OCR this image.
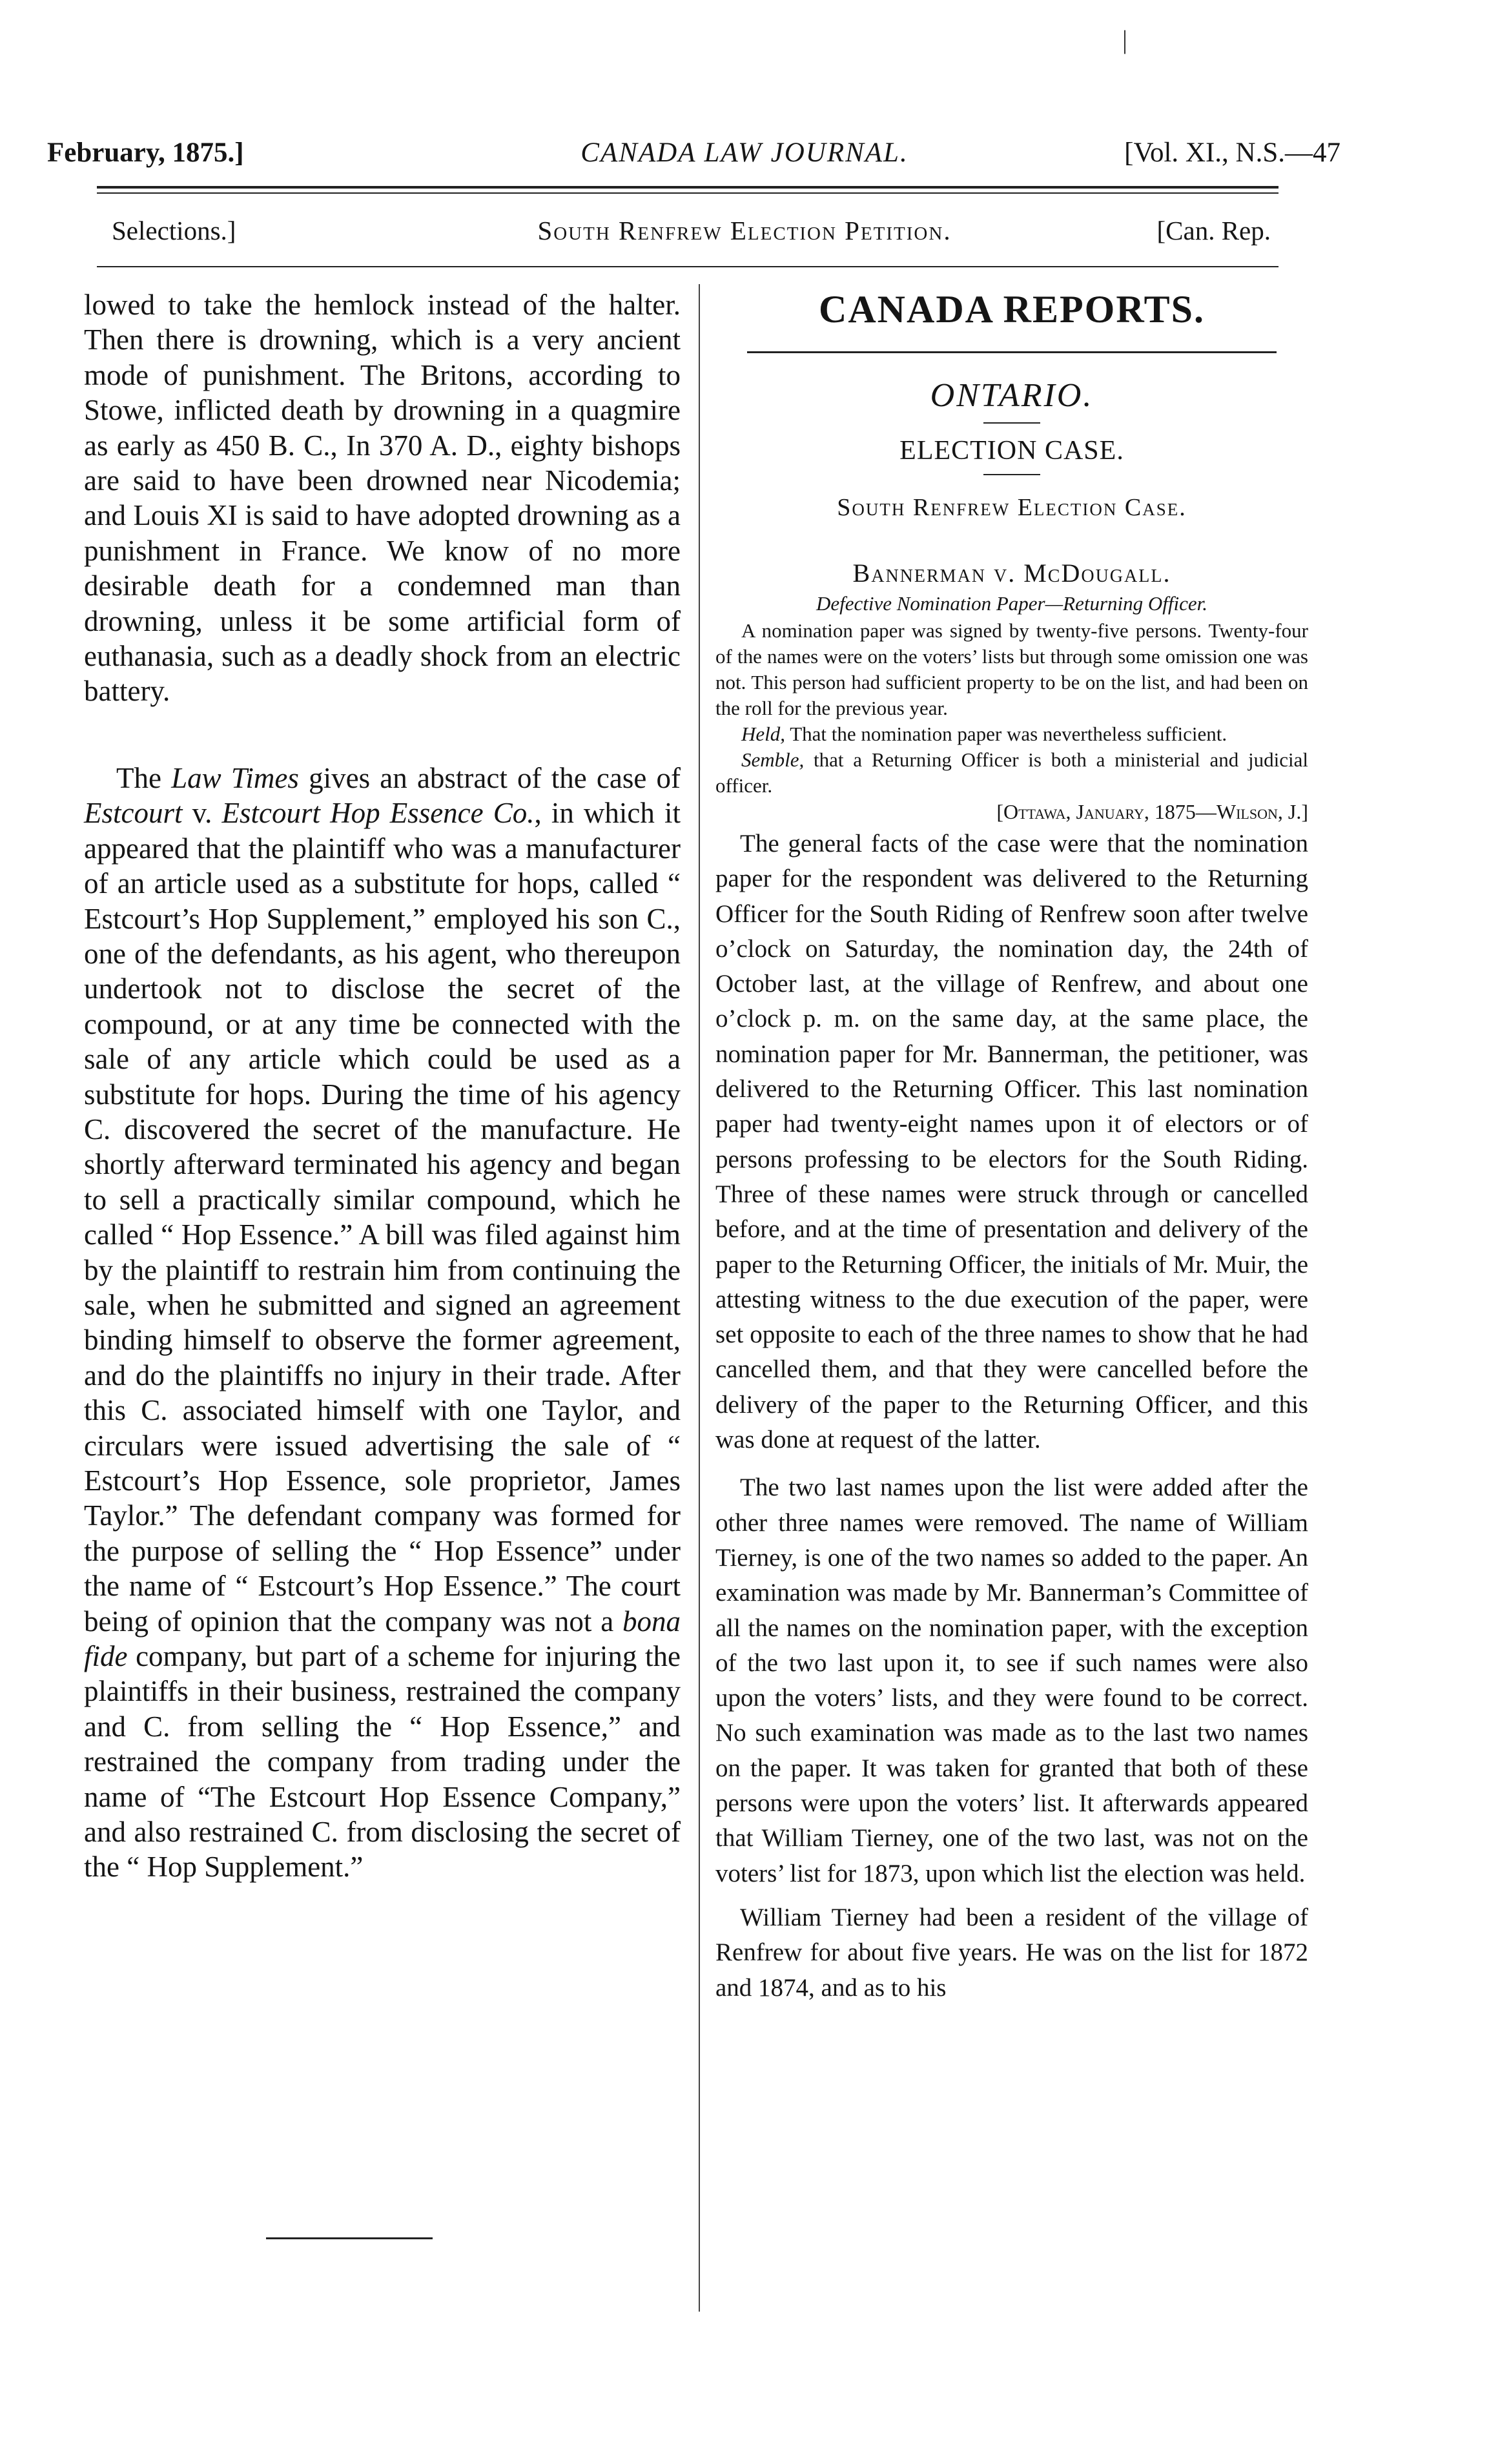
|
February, 1875.]	CANADA LAW JOURNAL.	[Vol. XI., N.S.—47
Selections.]	South Renfrew Election Petition.	[Can. Rep.

lowed to take the hemlock instead of the halter. Then there is drowning, which is a very ancient mode of punishment. The Britons, according to Stowe, inflicted death by drowning in a quagmire as early as 450 B. C., In 370 A. D., eighty bishops are said to have been drowned near Nicodemia; and Louis XI is said to have adopted drowning as a punishment in France. We know of no more desirable death for a condemned man than drowning, unless it be some artificial form of euthanasia, such as a deadly shock from an electric battery.

The Law Times gives an abstract of the case of Estcourt v. Estcourt Hop Essence Co., in which it appeared that the plaintiff who was a manufacturer of an article used as a substitute for hops, called “ Estcourt’s Hop Supplement,” employed his son C., one of the defendants, as his agent, who thereupon undertook not to disclose the secret of the compound, or at any time be connected with the sale of any article which could be used as a substitute for hops. During the time of his agency C. discovered the secret of the manufacture. He shortly afterward terminated his agency and began to sell a practically similar compound, which he called “ Hop Essence.” A bill was filed against him by the plaintiff to restrain him from continuing the sale, when he submitted and signed an agreement binding himself to observe the former agreement, and do the plaintiffs no injury in their trade. After this C. associated himself with one Taylor, and circulars were issued advertising the sale of “ Estcourt’s Hop Essence, sole proprietor, James Taylor.” The defendant company was formed for the purpose of selling the “ Hop Essence” under the name of “ Estcourt’s Hop Essence.” The court being of opinion that the company was not a bona fide company, but part of a scheme for injuring the plaintiffs in their business, restrained the company and C. from selling the “ Hop Essence,” and restrained the company from trading under the name of “The Estcourt Hop Essence Company,” and also restrained C. from disclosing the secret of the “ Hop Supplement.”

CANADA REPORTS.
ONTARIO.
ELECTION CASE.
South Renfrew Election Case.
Bannerman v. McDougall.
Defective Nomination Paper—Returning Officer.

A nomination paper was signed by twenty-five persons. Twenty-four of the names were on the voters’ lists but through some omission one was not. This person had sufficient property to be on the list, and had been on the roll for the previous year.

Held, That the nomination paper was nevertheless sufficient.

Semble, that a Returning Officer is both a ministerial and judicial officer.

[Ottawa, January, 1875—Wilson, J.]

The general facts of the case were that the nomination paper for the respondent was delivered to the Returning Officer for the South Riding of Renfrew soon after twelve o’clock on Saturday, the nomination day, the 24th of October last, at the village of Renfrew, and about one o’clock p. m. on the same day, at the same place, the nomination paper for Mr. Bannerman, the petitioner, was delivered to the Returning Officer. This last nomination paper had twenty-eight names upon it of electors or of persons professing to be electors for the South Riding. Three of these names were struck through or cancelled before, and at the time of presentation and delivery of the paper to the Returning Officer, the initials of Mr. Muir, the attesting witness to the due execution of the paper, were set opposite to each of the three names to show that he had cancelled them, and that they were cancelled before the delivery of the paper to the Returning Officer, and this was done at request of the latter.

The two last names upon the list were added after the other three names were removed. The name of William Tierney, is one of the two names so added to the paper. An examination was made by Mr. Bannerman’s Committee of all the names on the nomination paper, with the exception of the two last upon it, to see if such names were also upon the voters’ lists, and they were found to be correct. No such examination was made as to the last two names on the paper. It was taken for granted that both of these persons were upon the voters’ list. It afterwards appeared that William Tierney, one of the two last, was not on the voters’ list for 1873, upon which list the election was held.

William Tierney had been a resident of the village of Renfrew for about five years. He was on the list for 1872 and 1874, and as to his
